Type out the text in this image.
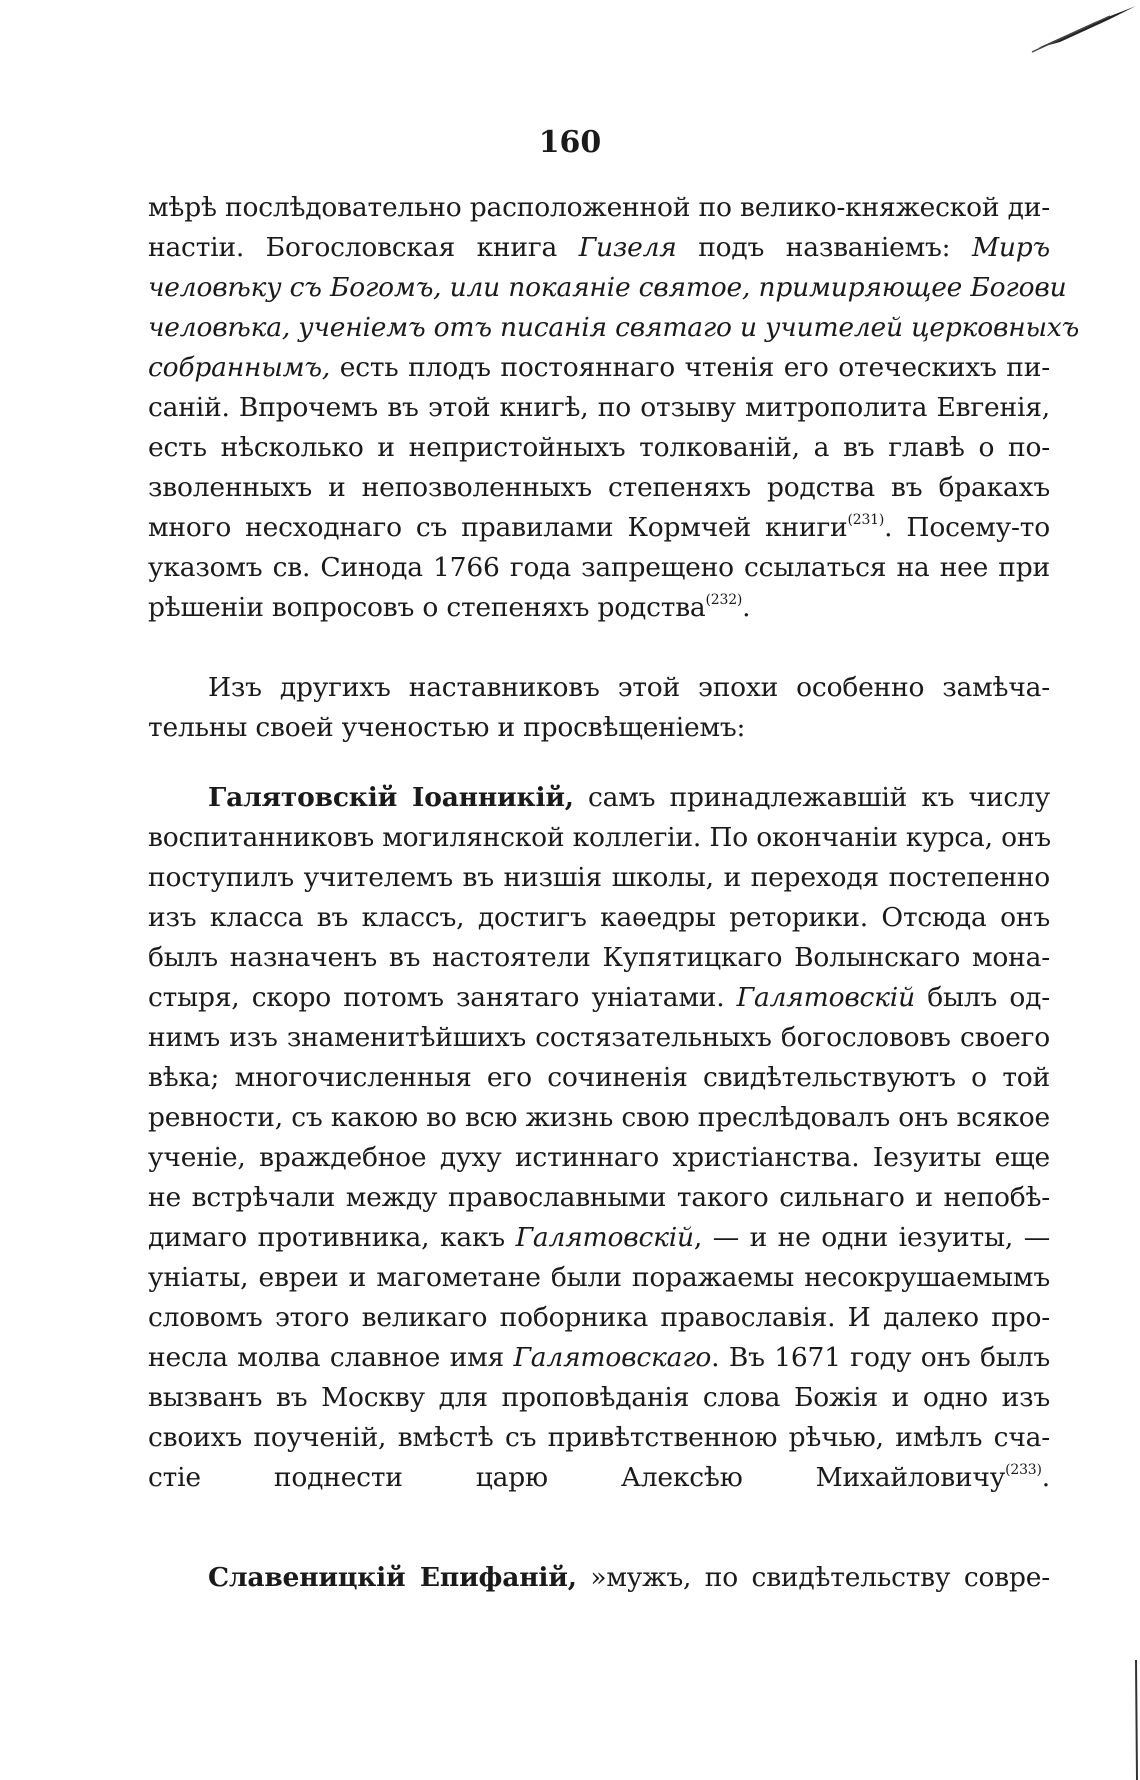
160
мѣрѣ послѣдовательно расположенной по велико-княжеской ди-
настіи. Богословская книга Гизеля подъ названіемъ: Миръ
человѣку съ Богомъ, или покаяніе святое, примиряющее Богови
человѣка, ученіемъ отъ писанія святаго и учителей церковныхъ
собраннымъ, есть плодъ постояннаго чтенія его отеческихъ пи-
саній. Впрочемъ въ этой книгѣ, по отзыву митрополита Евгенія,
есть нѣсколько и непристойныхъ толкованій, а въ главѣ о по-
зволенныхъ и непозволенныхъ степеняхъ родства въ бракахъ
много несходнаго съ правилами Кормчей книги$^{(231)}$. Посему-то
указомъ св. Синода 1766 года запрещено ссылаться на нее при
рѣшеніи вопросовъ о степеняхъ родства$^{(232)}$.
Изъ другихъ наставниковъ этой эпохи особенно замѣча-
тельны своей ученостью и просвѣщеніемъ:
Галятовскій Іоанникій, самъ принадлежавшій къ числу
воспитанниковъ могилянской коллегіи. По окончаніи курса, онъ
поступилъ учителемъ въ низшія школы, и переходя постепенно
изъ класса въ классъ, достигъ каѳедры реторики. Отсюда онъ
былъ назначенъ въ настоятели Купятицкаго Волынскаго мона-
стыря, скоро потомъ занятаго уніатами. Галятовскій былъ од-
нимъ изъ знаменитѣйшихъ состязательныхъ богослововъ своего
вѣка; многочисленныя его сочиненія свидѣтельствуютъ о той
ревности, съ какою во всю жизнь свою преслѣдовалъ онъ всякое
ученіе, враждебное духу истиннаго христіанства. Іезуиты еще
не встрѣчали между православными такого сильнаго и непобѣ-
димаго противника, какъ Галятовскій, — и не одни іезуиты, —
уніаты, евреи и магометане были поражаемы несокрушаемымъ
словомъ этого великаго поборника православія. И далеко про-
несла молва славное имя Галятовскаго. Въ 1671 году онъ былъ
вызванъ въ Москву для проповѣданія слова Божія и одно изъ
своихъ поученій, вмѣстѣ съ привѣтственною рѣчью, имѣлъ сча-
стіе поднести царю Алексѣю Михайловичу$^{(233)}$.
Славеницкій Епифаній, »мужъ, по свидѣтельству совре-
